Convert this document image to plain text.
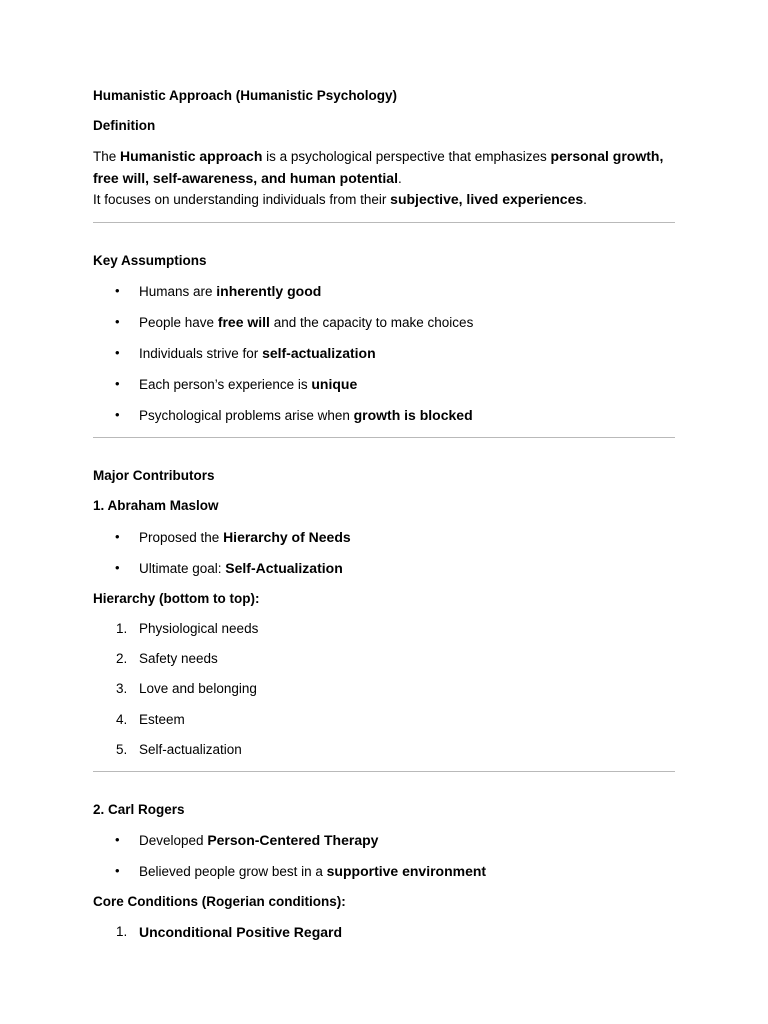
Humanistic Approach (Humanistic Psychology)
Definition

The Humanistic approach is a psychological perspective that emphasizes personal growth,
free will, self-awareness, and human potential.
It focuses on understanding individuals from their subjective, lived experiences.

Key Assumptions
• Humans are inherently good
• People have free will and the capacity to make choices
• Individuals strive for self-actualization
• Each person’s experience is unique
• Psychological problems arise when growth is blocked
Major Contributors
1. Abraham Maslow
• Proposed the Hierarchy of Needs
• Ultimate goal: Self-Actualization
Hierarchy (bottom to top):
1. Physiological needs
2. Safety needs
3. Love and belonging
4. Esteem
5. Self-actualization
2. Carl Rogers
• Developed Person-Centered Therapy
• Believed people grow best in a supportive environment
Core Conditions (Rogerian conditions):
1. Unconditional Positive Regard
